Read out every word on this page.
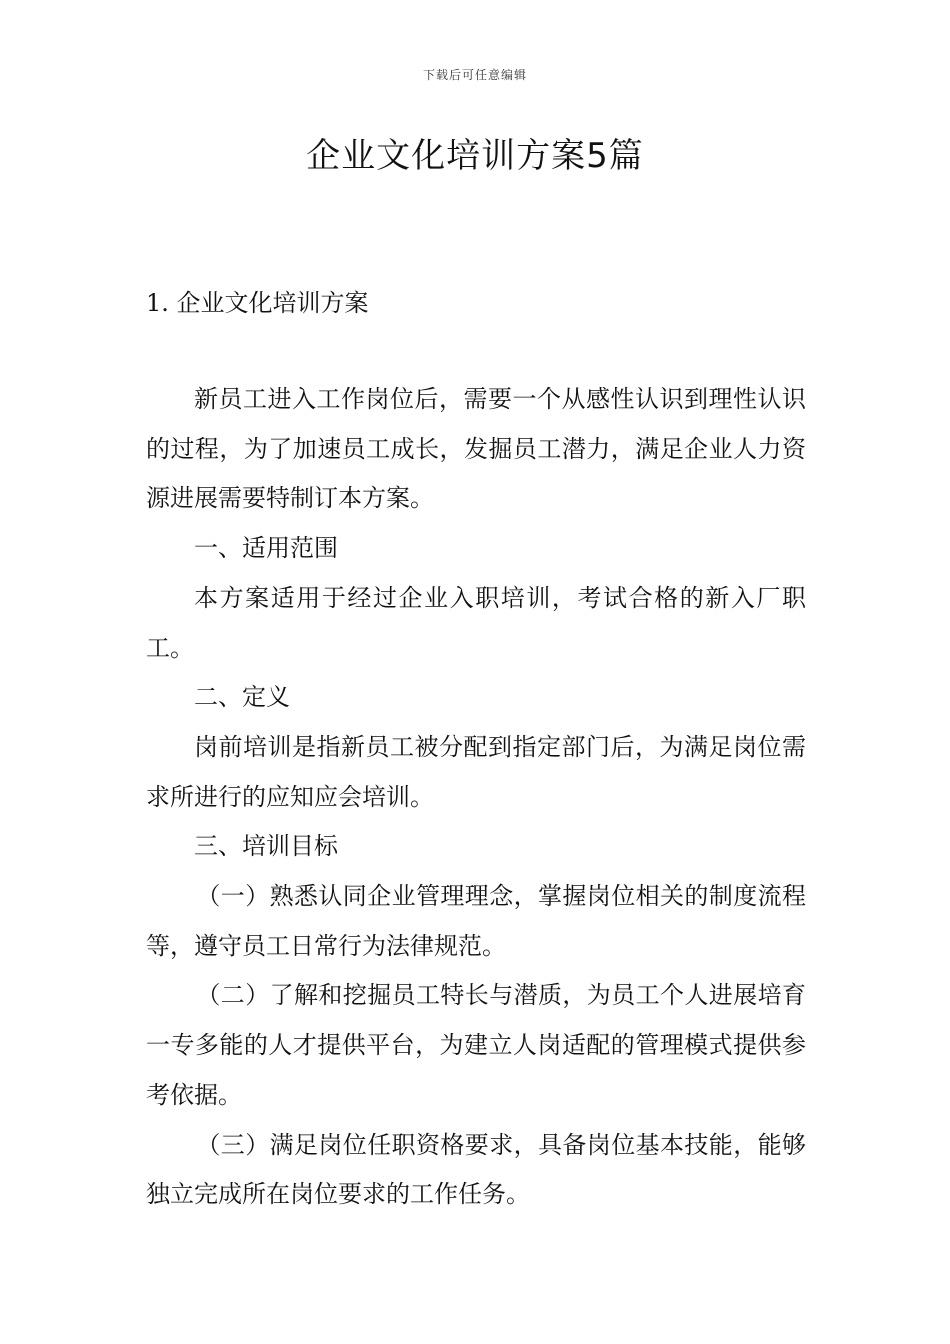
下载后可任意编辑
企业文化培训方案5篇
1. 企业文化培训方案

新员工进入工作岗位后，需要一个从感性认识到理性认识的过程，为了加速员工成长，发掘员工潜力，满足企业人力资源进展需要特制订本方案。

一、适用范围

本方案适用于经过企业入职培训，考试合格的新入厂职工。

二、定义

岗前培训是指新员工被分配到指定部门后，为满足岗位需求所进行的应知应会培训。

三、培训目标

（一）熟悉认同企业管理理念，掌握岗位相关的制度流程等，遵守员工日常行为法律规范。

（二）了解和挖掘员工特长与潜质，为员工个人进展培育一专多能的人才提供平台，为建立人岗适配的管理模式提供参考依据。

（三）满足岗位任职资格要求，具备岗位基本技能，能够独立完成所在岗位要求的工作任务。
